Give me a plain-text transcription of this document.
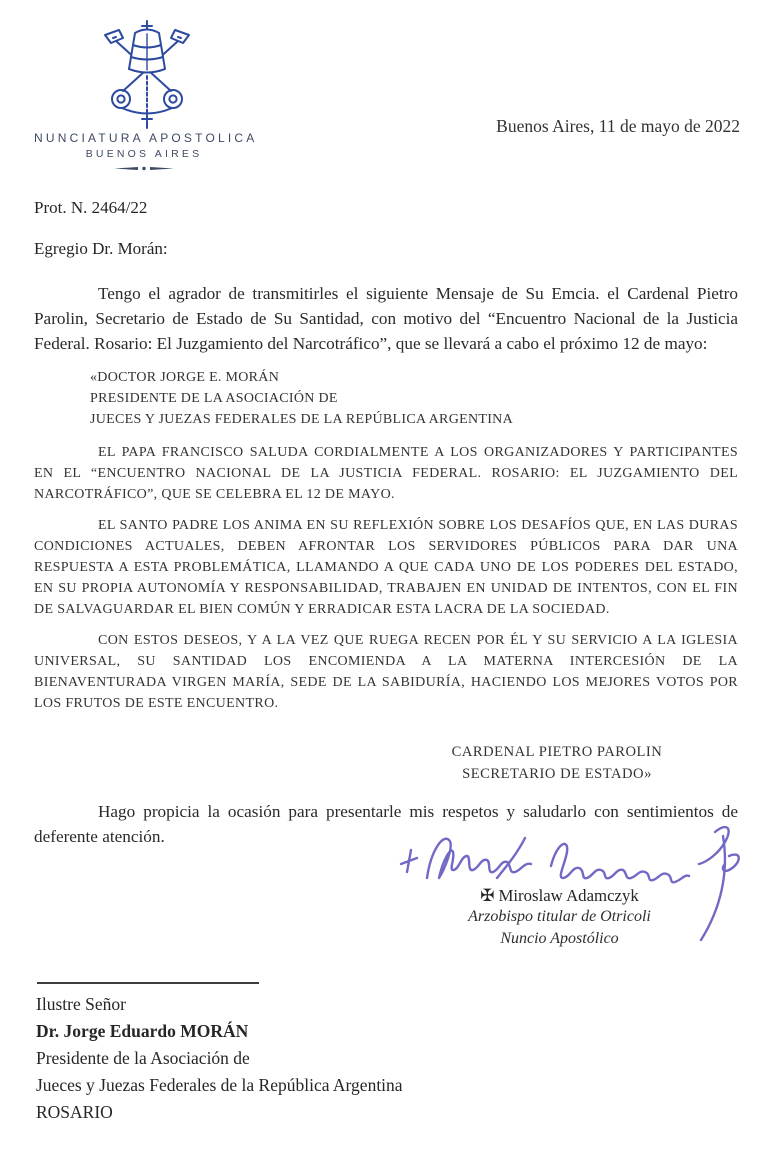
NUNCIATURA APOSTOLICA
BUENOS AIRES
Buenos Aires, 11 de mayo de 2022
Prot. N. 2464/22
Egregio Dr. Morán:

Tengo el agrador de transmitirles el siguiente Mensaje de Su Emcia. el Cardenal Pietro Parolin, Secretario de Estado de Su Santidad, con motivo del “Encuentro Nacional de la Justicia Federal. Rosario: El Juzgamiento del Narcotráfico”, que se llevará a cabo el próximo 12 de mayo:

«DOCTOR JORGE E. MORÁN
PRESIDENTE DE LA ASOCIACIÓN DE
JUECES Y JUEZAS FEDERALES DE LA REPÚBLICA ARGENTINA

EL PAPA FRANCISCO SALUDA CORDIALMENTE A LOS ORGANIZADORES Y PARTICIPANTES EN EL “ENCUENTRO NACIONAL DE LA JUSTICIA FEDERAL. ROSARIO: EL JUZGAMIENTO DEL NARCOTRÁFICO”, QUE SE CELEBRA EL 12 DE MAYO.

EL SANTO PADRE LOS ANIMA EN SU REFLEXIÓN SOBRE LOS DESAFÍOS QUE, EN LAS DURAS CONDICIONES ACTUALES, DEBEN AFRONTAR LOS SERVIDORES PÚBLICOS PARA DAR UNA RESPUESTA A ESTA PROBLEMÁTICA, LLAMANDO A QUE CADA UNO DE LOS PODERES DEL ESTADO, EN SU PROPIA AUTONOMÍA Y RESPONSABILIDAD, TRABAJEN EN UNIDAD DE INTENTOS, CON EL FIN DE SALVAGUARDAR EL BIEN COMÚN Y ERRADICAR ESTA LACRA DE LA SOCIEDAD.

CON ESTOS DESEOS, Y A LA VEZ QUE RUEGA RECEN POR ÉL Y SU SERVICIO A LA IGLESIA UNIVERSAL, SU SANTIDAD LOS ENCOMIENDA A LA MATERNA INTERCESIÓN DE LA BIENAVENTURADA VIRGEN MARÍA, SEDE DE LA SABIDURÍA, HACIENDO LOS MEJORES VOTOS POR LOS FRUTOS DE ESTE ENCUENTRO.

CARDENAL PIETRO PAROLIN
SECRETARIO DE ESTADO»

Hago propicia la ocasión para presentarle mis respetos y saludarlo con sentimientos de deferente atención.

✠ Miroslaw Adamczyk
Arzobispo titular de Otricoli
Nuncio Apostólico
Ilustre Señor
Dr. Jorge Eduardo MORÁN
Presidente de la Asociación de
Jueces y Juezas Federales de la República Argentina
ROSARIO
